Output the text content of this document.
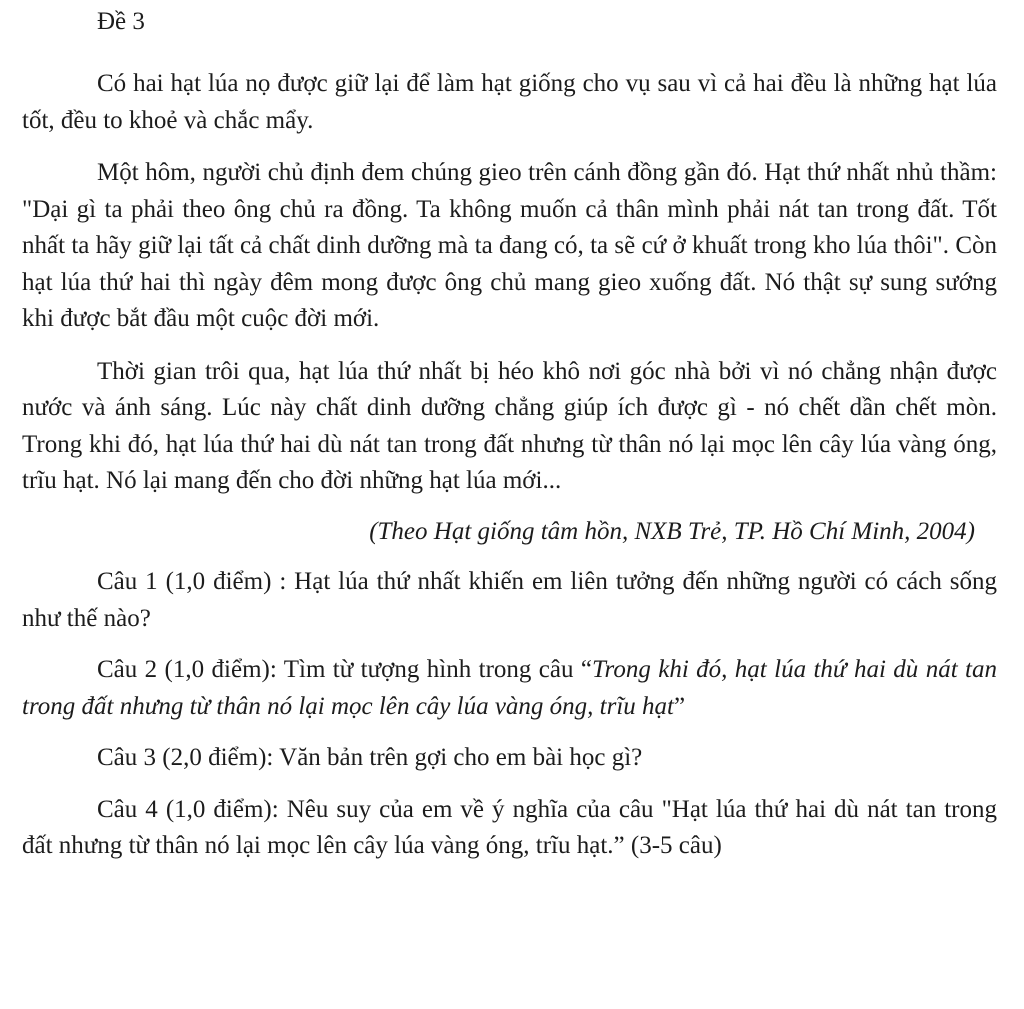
Đề 3

Có hai hạt lúa nọ được giữ lại để làm hạt giống cho vụ sau vì cả hai đều là những hạt lúa tốt, đều to khoẻ và chắc mẩy.

Một hôm, người chủ định đem chúng gieo trên cánh đồng gần đó. Hạt thứ nhất nhủ thầm: "Dại gì ta phải theo ông chủ ra đồng. Ta không muốn cả thân mình phải nát tan trong đất. Tốt nhất ta hãy giữ lại tất cả chất dinh dưỡng mà ta đang có, ta sẽ cứ ở khuất trong kho lúa thôi". Còn hạt lúa thứ hai thì ngày đêm mong được ông chủ mang gieo xuống đất. Nó thật sự sung sướng khi được bắt đầu một cuộc đời mới.

Thời gian trôi qua, hạt lúa thứ nhất bị héo khô nơi góc nhà bởi vì nó chẳng nhận được nước và ánh sáng. Lúc này chất dinh dưỡng chẳng giúp ích được gì - nó chết dần chết mòn. Trong khi đó, hạt lúa thứ hai dù nát tan trong đất nhưng từ thân nó lại mọc lên cây lúa vàng óng, trĩu hạt. Nó lại mang đến cho đời những hạt lúa mới...

(Theo Hạt giống tâm hồn, NXB Trẻ, TP. Hồ Chí Minh, 2004)

Câu 1 (1,0 điểm) : Hạt lúa thứ nhất khiến em liên tưởng đến những người có cách sống như thế nào?

Câu 2 (1,0 điểm): Tìm từ tượng hình trong câu “Trong khi đó, hạt lúa thứ hai dù nát tan trong đất nhưng từ thân nó lại mọc lên cây lúa vàng óng, trĩu hạt”

Câu 3 (2,0 điểm): Văn bản trên gợi cho em bài học gì?

Câu 4 (1,0 điểm): Nêu suy của em về ý nghĩa của câu "Hạt lúa thứ hai dù nát tan trong đất nhưng từ thân nó lại mọc lên cây lúa vàng óng, trĩu hạt.” (3-5 câu)
